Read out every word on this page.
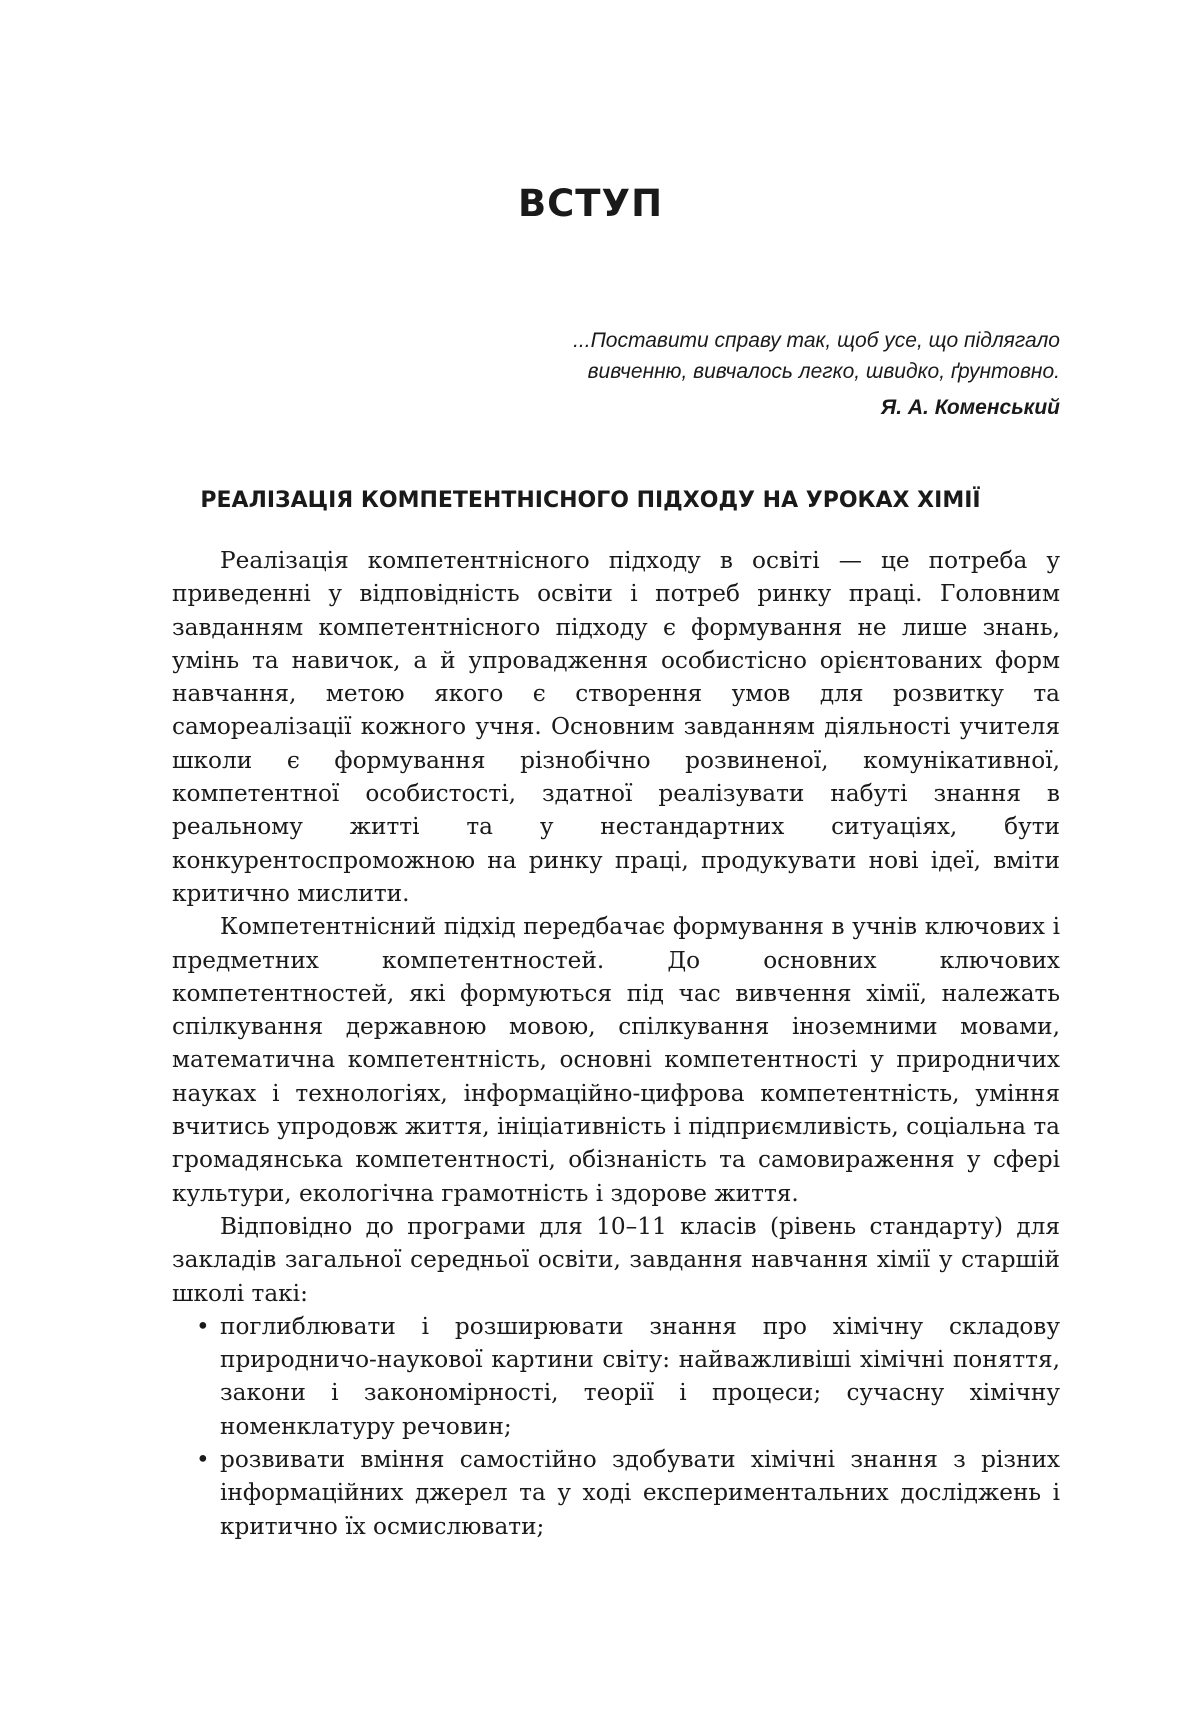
ВСТУП

...Поставити справу так, щоб усе, що підлягало вивченню, вивчалось легко, швидко, ґрунтовно.

Я. А. Коменський

РЕАЛІЗАЦІЯ КОМПЕТЕНТНІСНОГО ПІДХОДУ НА УРОКАХ ХІМІЇ

Реалізація компетентнісного підходу в освіті — це потреба у приведенні у відповідність освіти і потреб ринку праці. Головним завданням компетентнісного підходу є формування не лише знань, умінь та навичок, а й упровадження особистісно орієнтованих форм навчання, метою якого є створення умов для розвитку та самореалізації кожного учня. Основним завданням діяльності учителя школи є формування різнобічно розвиненої, комунікативної, компетентної особистості, здатної реалізувати набуті знання в реальному житті та у нестандартних ситуаціях, бути конкурентоспроможною на ринку праці, продукувати нові ідеї, вміти критично мислити.

Компетентнісний підхід передбачає формування в учнів ключових і предметних компетентностей. До основних ключових компетентностей, які формуються під час вивчення хімії, належать спілкування державною мовою, спілкування іноземними мовами, математична компетентність, основні компетентності у природничих науках і технологіях, інформаційно-цифрова компетентність, уміння вчитись упродовж життя, ініціативність і підприємливість, соціальна та громадянська компетентності, обізнаність та самовираження у сфері культури, екологічна грамотність і здорове життя.

Відповідно до програми для 10–11 класів (рівень стандарту) для закладів загальної середньої освіти, завдання навчання хімії у старшій школі такі:

• поглиблювати і розширювати знання про хімічну складову природничо-наукової картини світу: найважливіші хімічні поняття, закони і закономірності, теорії і процеси; сучасну хімічну номенклатуру речовин;
• розвивати вміння самостійно здобувати хімічні знання з різних інформаційних джерел та у ході експериментальних досліджень і критично їх осмислювати;
